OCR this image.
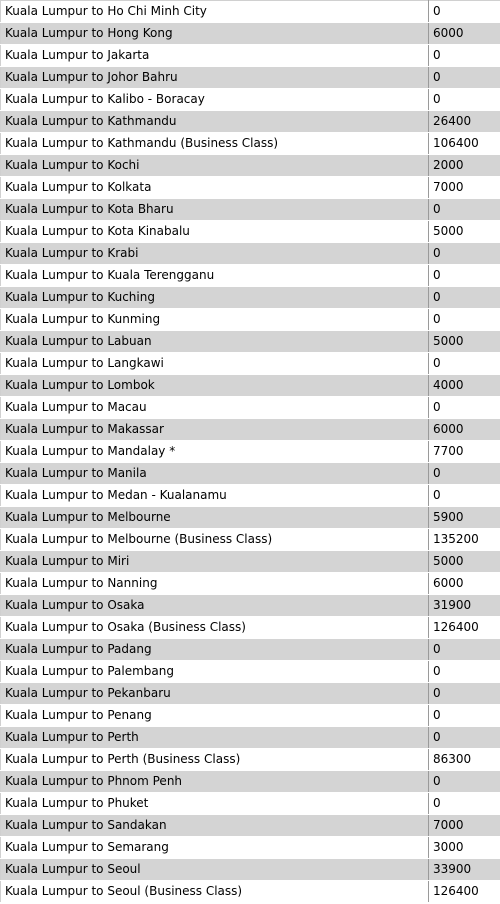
Kuala Lumpur to Ho Chi Minh City	0
Kuala Lumpur to Hong Kong	6000
Kuala Lumpur to Jakarta	0
Kuala Lumpur to Johor Bahru	0
Kuala Lumpur to Kalibo - Boracay	0
Kuala Lumpur to Kathmandu	26400
Kuala Lumpur to Kathmandu (Business Class)	106400
Kuala Lumpur to Kochi	2000
Kuala Lumpur to Kolkata	7000
Kuala Lumpur to Kota Bharu	0
Kuala Lumpur to Kota Kinabalu	5000
Kuala Lumpur to Krabi	0
Kuala Lumpur to Kuala Terengganu	0
Kuala Lumpur to Kuching	0
Kuala Lumpur to Kunming	0
Kuala Lumpur to Labuan	5000
Kuala Lumpur to Langkawi	0
Kuala Lumpur to Lombok	4000
Kuala Lumpur to Macau	0
Kuala Lumpur to Makassar	6000
Kuala Lumpur to Mandalay *	7700
Kuala Lumpur to Manila	0
Kuala Lumpur to Medan - Kualanamu	0
Kuala Lumpur to Melbourne	5900
Kuala Lumpur to Melbourne (Business Class)	135200
Kuala Lumpur to Miri	5000
Kuala Lumpur to Nanning	6000
Kuala Lumpur to Osaka	31900
Kuala Lumpur to Osaka (Business Class)	126400
Kuala Lumpur to Padang	0
Kuala Lumpur to Palembang	0
Kuala Lumpur to Pekanbaru	0
Kuala Lumpur to Penang	0
Kuala Lumpur to Perth	0
Kuala Lumpur to Perth (Business Class)	86300
Kuala Lumpur to Phnom Penh	0
Kuala Lumpur to Phuket	0
Kuala Lumpur to Sandakan	7000
Kuala Lumpur to Semarang	3000
Kuala Lumpur to Seoul	33900
Kuala Lumpur to Seoul (Business Class)	126400
